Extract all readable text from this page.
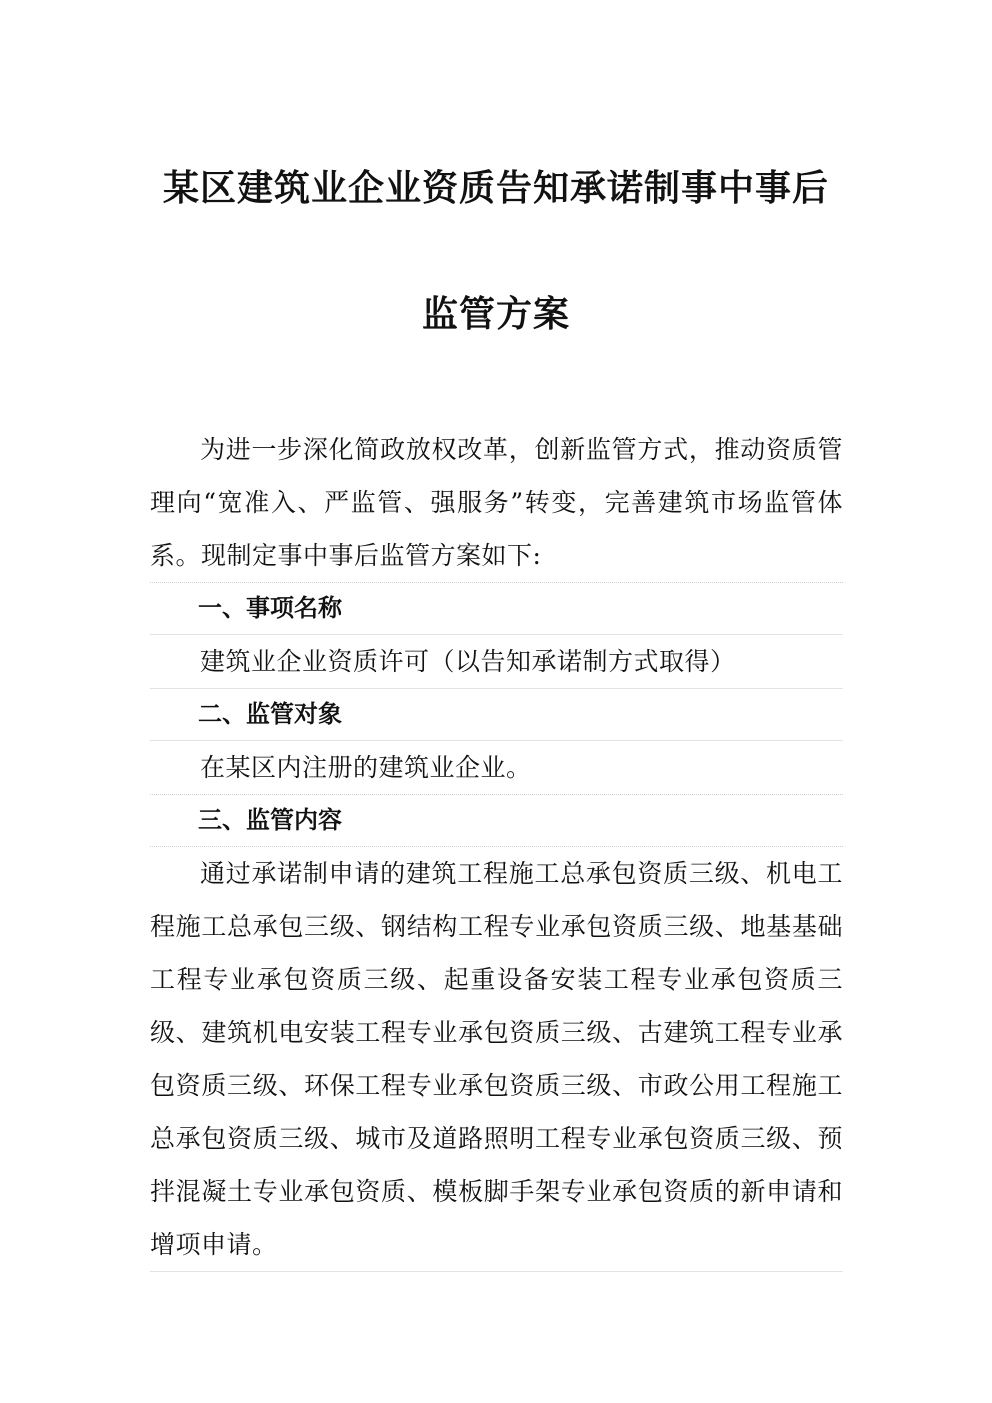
某区建筑业企业资质告知承诺制事中事后
监管方案

为进一步深化简政放权改革，创新监管方式，推动资质管理向“宽准入、严监管、强服务”转变，完善建筑市场监管体系。现制定事中事后监管方案如下:

一、事项名称

建筑业企业资质许可（以告知承诺制方式取得）

二、监管对象

在某区内注册的建筑业企业。

三、监管内容

通过承诺制申请的建筑工程施工总承包资质三级、机电工程施工总承包三级、钢结构工程专业承包资质三级、地基基础工程专业承包资质三级、起重设备安装工程专业承包资质三级、建筑机电安装工程专业承包资质三级、古建筑工程专业承包资质三级、环保工程专业承包资质三级、市政公用工程施工总承包资质三级、城市及道路照明工程专业承包资质三级、预拌混凝土专业承包资质、模板脚手架专业承包资质的新申请和增项申请。
